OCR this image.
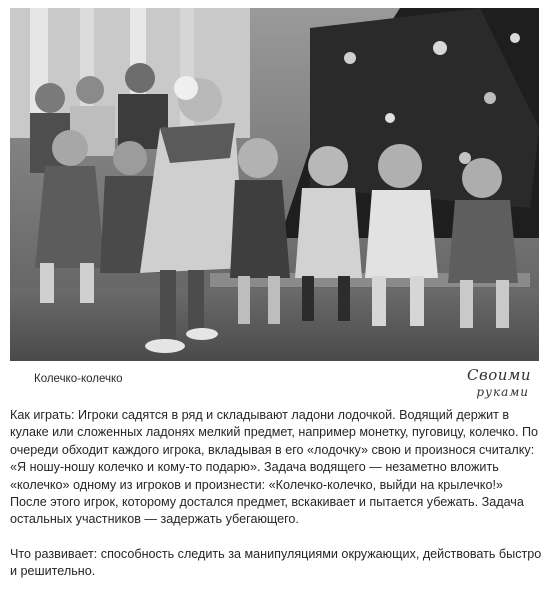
Колечко-колечко	Своими
руками

Как играть: Игроки садятся в ряд и складывают ладони лодочкой. Водящий держит в кулаке или сложенных ладонях мелкий предмет, например монетку, пуговицу, колечко. По очереди обходит каждого игрока, вкладывая в его «лодочку» свою и произнося считалку: «Я ношу-ношу колечко и кому-то подарю». Задача водящего — незаметно вложить «колечко» одному из игроков и произнести: «Колечко-колечко, выйди на крылечко!» После этого игрок, которому достался предмет, вскакивает и пытается убежать. Задача остальных участников — задержать убегающего.

Что развивает: способность следить за манипуляциями окружающих, действовать быстро и решительно.
